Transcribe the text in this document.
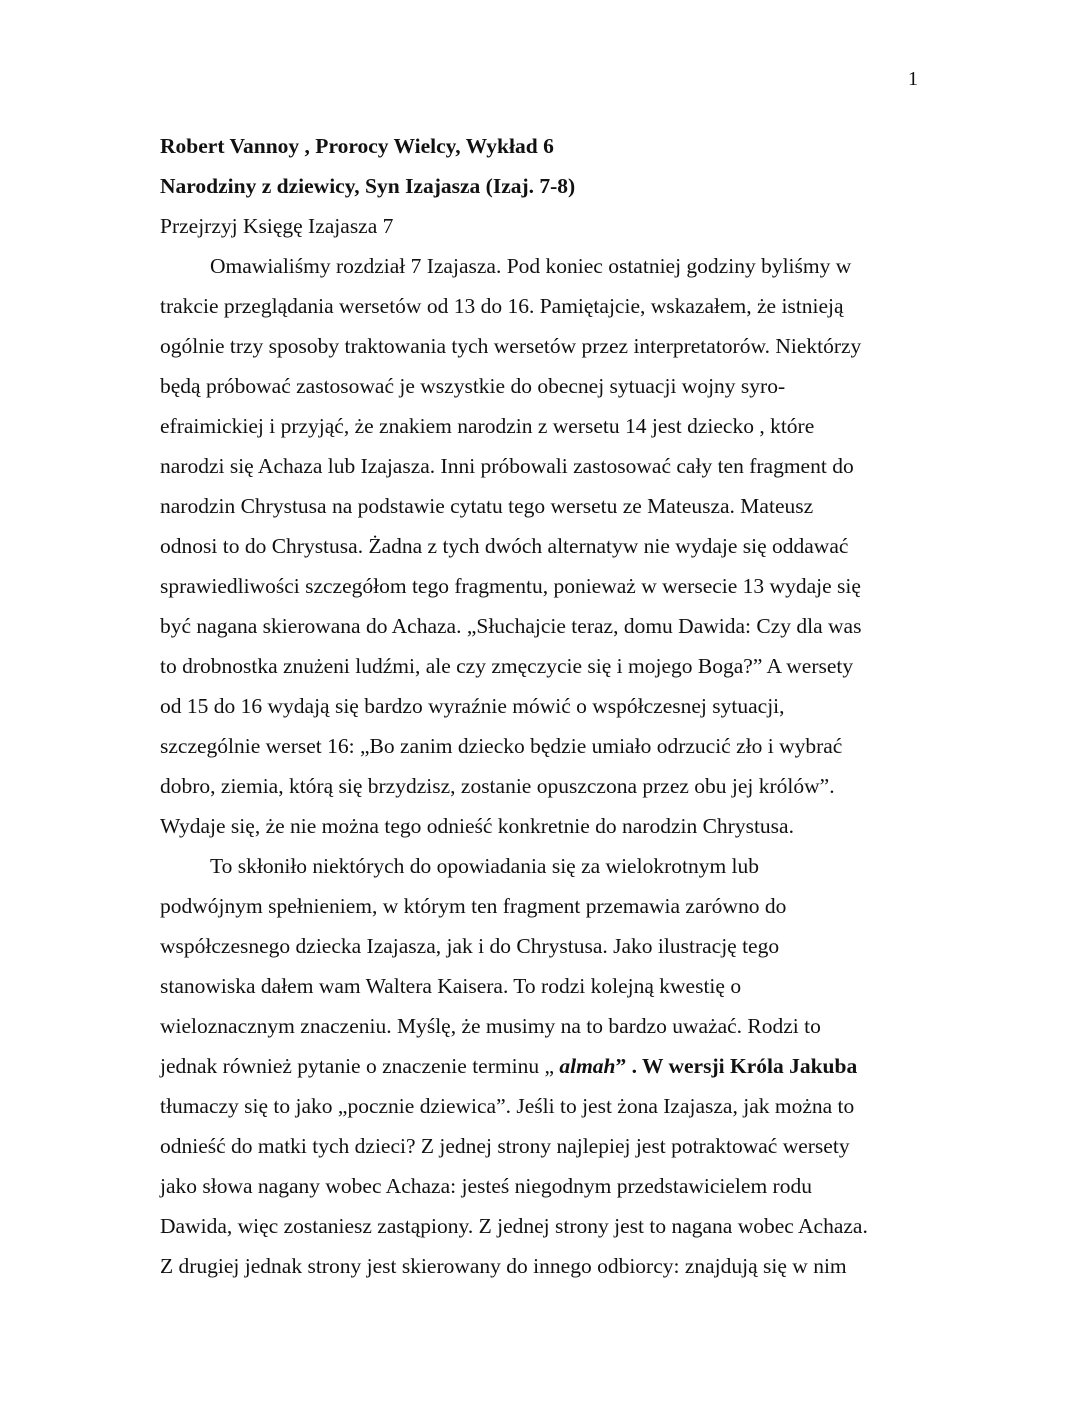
1
Robert Vannoy , Prorocy Wielcy, Wykład 6
Narodziny z dziewicy, Syn Izajasza (Izaj. 7-8)
Przejrzyj Księgę Izajasza 7
Omawialiśmy rozdział 7 Izajasza. Pod koniec ostatniej godziny byliśmy w
trakcie przeglądania wersetów od 13 do 16. Pamiętajcie, wskazałem, że istnieją
ogólnie trzy sposoby traktowania tych wersetów przez interpretatorów. Niektórzy
będą próbować zastosować je wszystkie do obecnej sytuacji wojny syro-
efraimickiej i przyjąć, że znakiem narodzin z wersetu 14 jest dziecko , które
narodzi się Achaza lub Izajasza. Inni próbowali zastosować cały ten fragment do
narodzin Chrystusa na podstawie cytatu tego wersetu ze Mateusza. Mateusz
odnosi to do Chrystusa. Żadna z tych dwóch alternatyw nie wydaje się oddawać
sprawiedliwości szczegółom tego fragmentu, ponieważ w wersecie 13 wydaje się
być nagana skierowana do Achaza. „Słuchajcie teraz, domu Dawida: Czy dla was
to drobnostka znużeni ludźmi, ale czy zmęczycie się i mojego Boga?” A wersety
od 15 do 16 wydają się bardzo wyraźnie mówić o współczesnej sytuacji,
szczególnie werset 16: „Bo zanim dziecko będzie umiało odrzucić zło i wybrać
dobro, ziemia, którą się brzydzisz, zostanie opuszczona przez obu jej królów”.
Wydaje się, że nie można tego odnieść konkretnie do narodzin Chrystusa.
To skłoniło niektórych do opowiadania się za wielokrotnym lub
podwójnym spełnieniem, w którym ten fragment przemawia zarówno do
współczesnego dziecka Izajasza, jak i do Chrystusa. Jako ilustrację tego
stanowiska dałem wam Waltera Kaisera. To rodzi kolejną kwestię o
wieloznacznym znaczeniu. Myślę, że musimy na to bardzo uważać. Rodzi to
jednak również pytanie o znaczenie terminu „ almah” . W wersji Króla Jakuba
tłumaczy się to jako „pocznie dziewica”. Jeśli to jest żona Izajasza, jak można to
odnieść do matki tych dzieci? Z jednej strony najlepiej jest potraktować wersety
jako słowa nagany wobec Achaza: jesteś niegodnym przedstawicielem rodu
Dawida, więc zostaniesz zastąpiony. Z jednej strony jest to nagana wobec Achaza.
Z drugiej jednak strony jest skierowany do innego odbiorcy: znajdują się w nim
